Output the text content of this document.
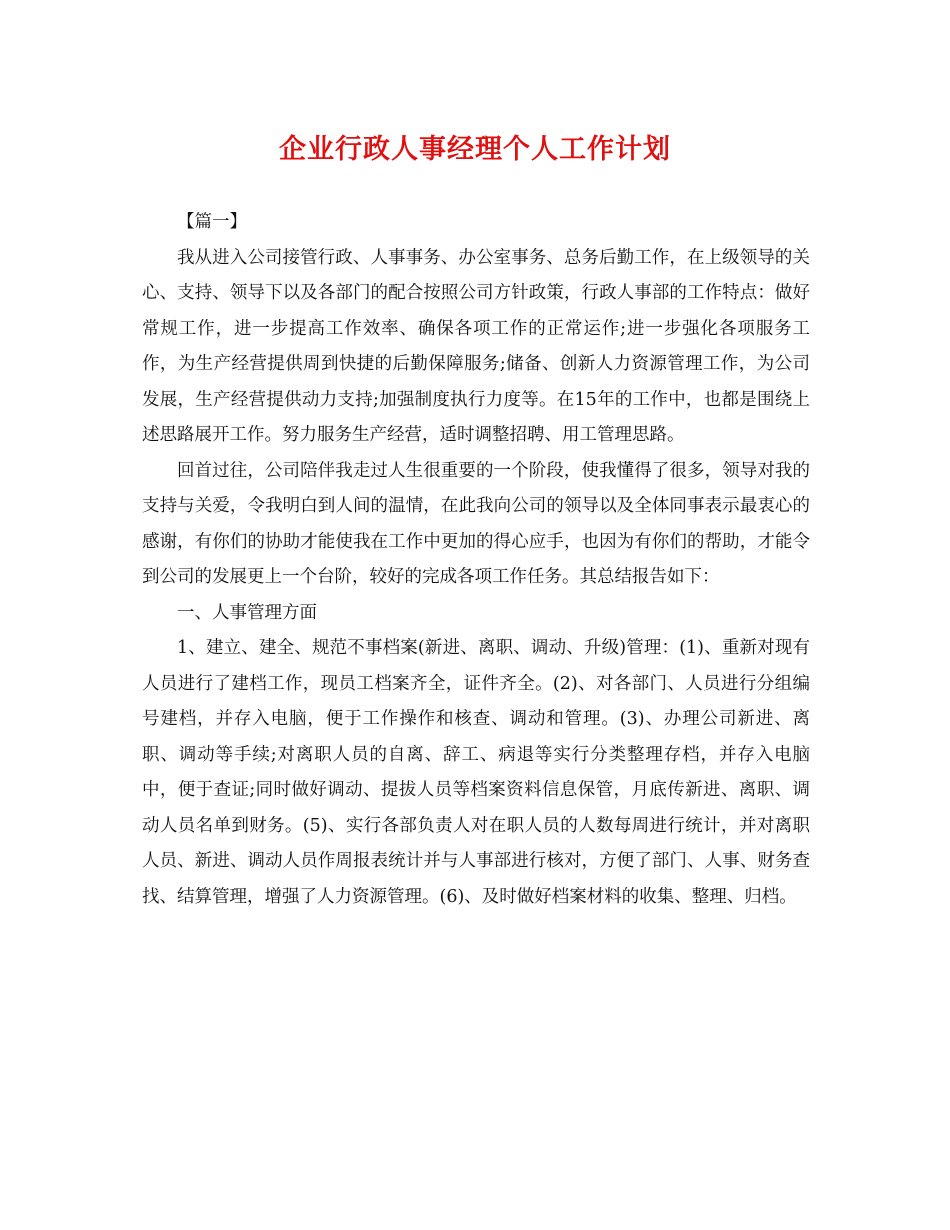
企业行政人事经理个人工作计划

【篇一】

我从进入公司接管行政、人事事务、办公室事务、总务后勤工作，在上级领导的关心、支持、领导下以及各部门的配合按照公司方针政策，行政人事部的工作特点：做好常规工作，进一步提高工作效率、确保各项工作的正常运作;进一步强化各项服务工作，为生产经营提供周到快捷的后勤保障服务;储备、创新人力资源管理工作，为公司发展，生产经营提供动力支持;加强制度执行力度等。在15年的工作中，也都是围绕上述思路展开工作。努力服务生产经营，适时调整招聘、用工管理思路。

回首过往，公司陪伴我走过人生很重要的一个阶段，使我懂得了很多，领导对我的支持与关爱，令我明白到人间的温情，在此我向公司的领导以及全体同事表示最衷心的感谢，有你们的协助才能使我在工作中更加的得心应手，也因为有你们的帮助，才能令到公司的发展更上一个台阶，较好的完成各项工作任务。其总结报告如下：

一、人事管理方面

1、建立、建全、规范不事档案(新进、离职、调动、升级)管理：(1)、重新对现有人员进行了建档工作，现员工档案齐全，证件齐全。(2)、对各部门、人员进行分组编号建档，并存入电脑，便于工作操作和核查、调动和管理。(3)、办理公司新进、离职、调动等手续;对离职人员的自离、辞工、病退等实行分类整理存档，并存入电脑中，便于查证;同时做好调动、提拔人员等档案资料信息保管，月底传新进、离职、调动人员名单到财务。(5)、实行各部负责人对在职人员的人数每周进行统计，并对离职人员、新进、调动人员作周报表统计并与人事部进行核对，方便了部门、人事、财务查找、结算管理，增强了人力资源管理。(6)、及时做好档案材料的收集、整理、归档。
